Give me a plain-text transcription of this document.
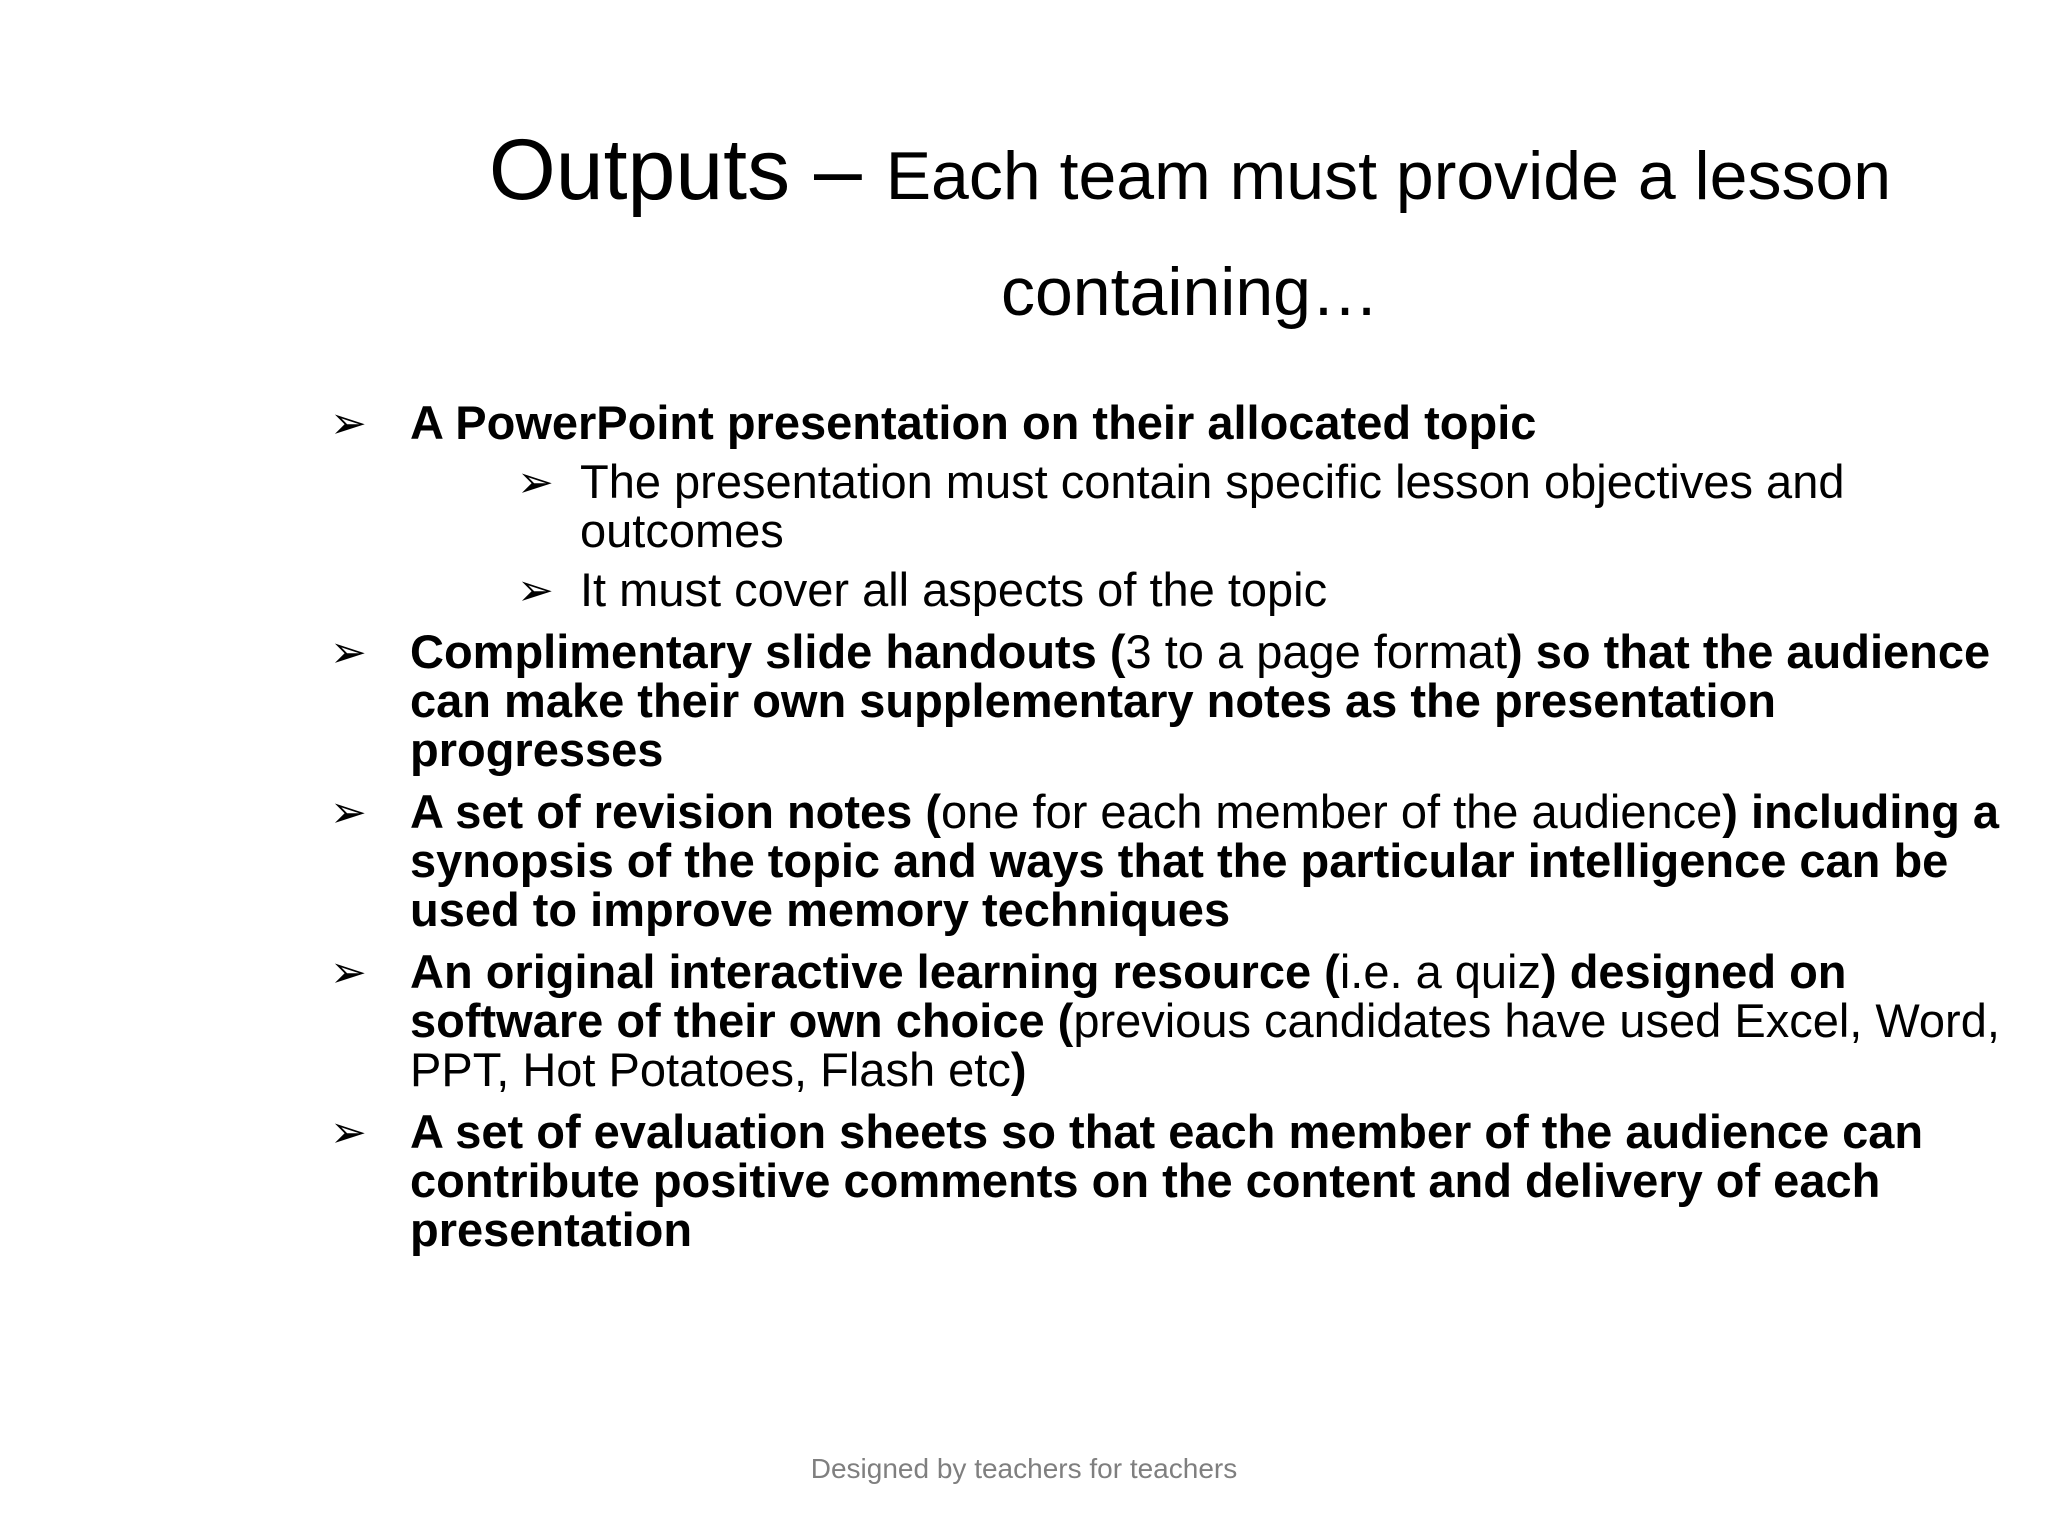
Outputs – Each team must provide a lesson containing…
➢ A PowerPoint presentation on their allocated topic
➢ The presentation must contain specific lesson objectives and outcomes
➢ It must cover all aspects of the topic
➢ Complimentary slide handouts (3 to a page format) so that the audience can make their own supplementary notes as the presentation progresses
➢ A set of revision notes (one for each member of the audience) including a synopsis of the topic and ways that the particular intelligence can be used to improve memory techniques
➢ An original interactive learning resource (i.e. a quiz) designed on software of their own choice (previous candidates have used Excel, Word, PPT, Hot Potatoes, Flash etc)
➢ A set of evaluation sheets so that each member of the audience can contribute positive comments on the content and delivery of each presentation

Designed by teachers for teachers
